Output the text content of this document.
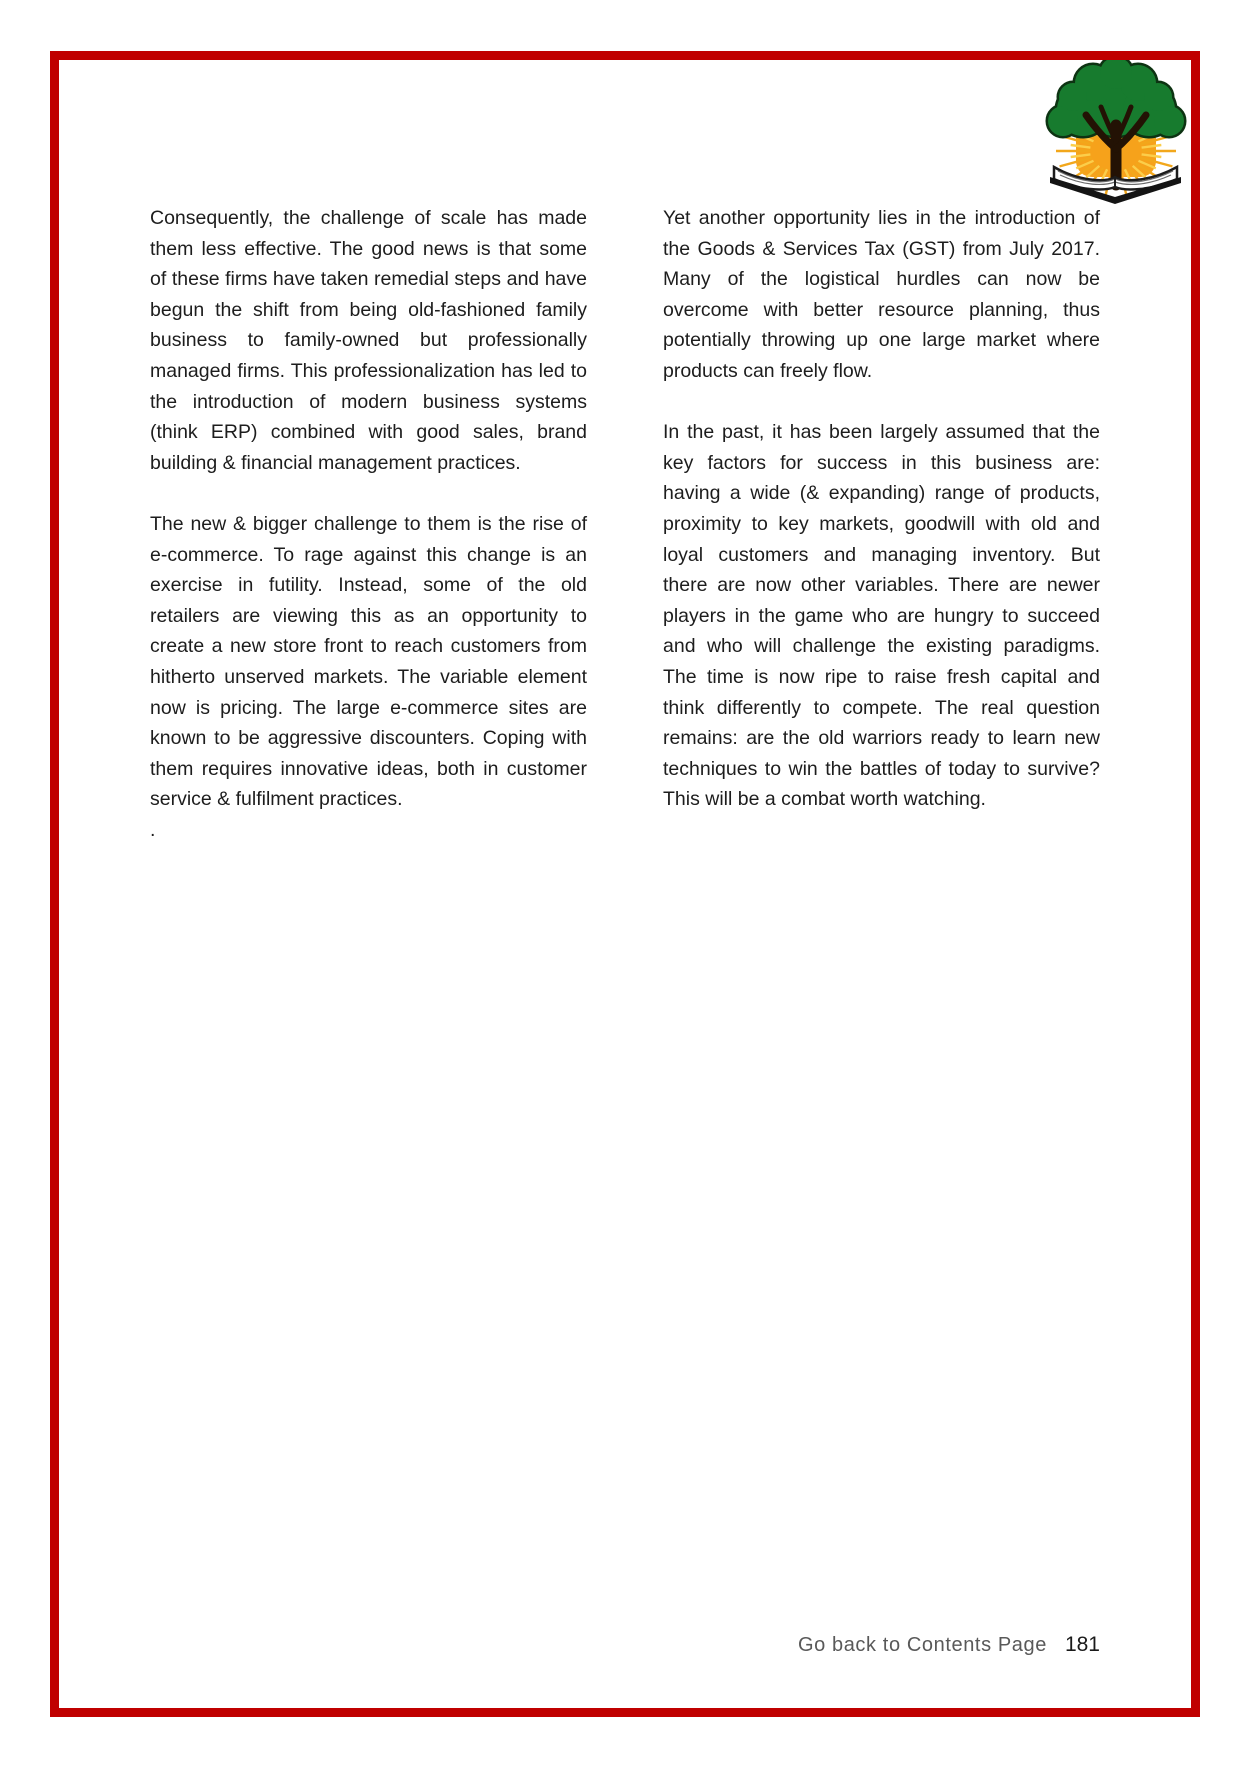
Consequently, the challenge of scale has made them less effective. The good news is that some of these firms have taken remedial steps and have begun the shift from being old-fashioned family business to family-owned but professionally managed firms. This professionalization has led to the introduction of modern business systems (think ERP) combined with good sales, brand building & financial management practices.

The new & bigger challenge to them is the rise of e-commerce. To rage against this change is an exercise in futility. Instead, some of the old retailers are viewing this as an opportunity to create a new store front to reach customers from hitherto unserved markets. The variable element now is pricing. The large e-commerce sites are known to be aggressive discounters. Coping with them requires innovative ideas, both in customer service & fulfilment practices.

.

Yet another opportunity lies in the introduction of the Goods & Services Tax (GST) from July 2017. Many of the logistical hurdles can now be overcome with better resource planning, thus potentially throwing up one large market where products can freely flow.

In the past, it has been largely assumed that the key factors for success in this business are: having a wide (& expanding) range of products, proximity to key markets, goodwill with old and loyal customers and managing inventory. But there are now other variables. There are newer players in the game who are hungry to succeed and who will challenge the existing paradigms. The time is now ripe to raise fresh capital and think differently to compete. The real question remains: are the old warriors ready to learn new techniques to win the battles of today to survive? This will be a combat worth watching.

Go back to Contents Page 181
